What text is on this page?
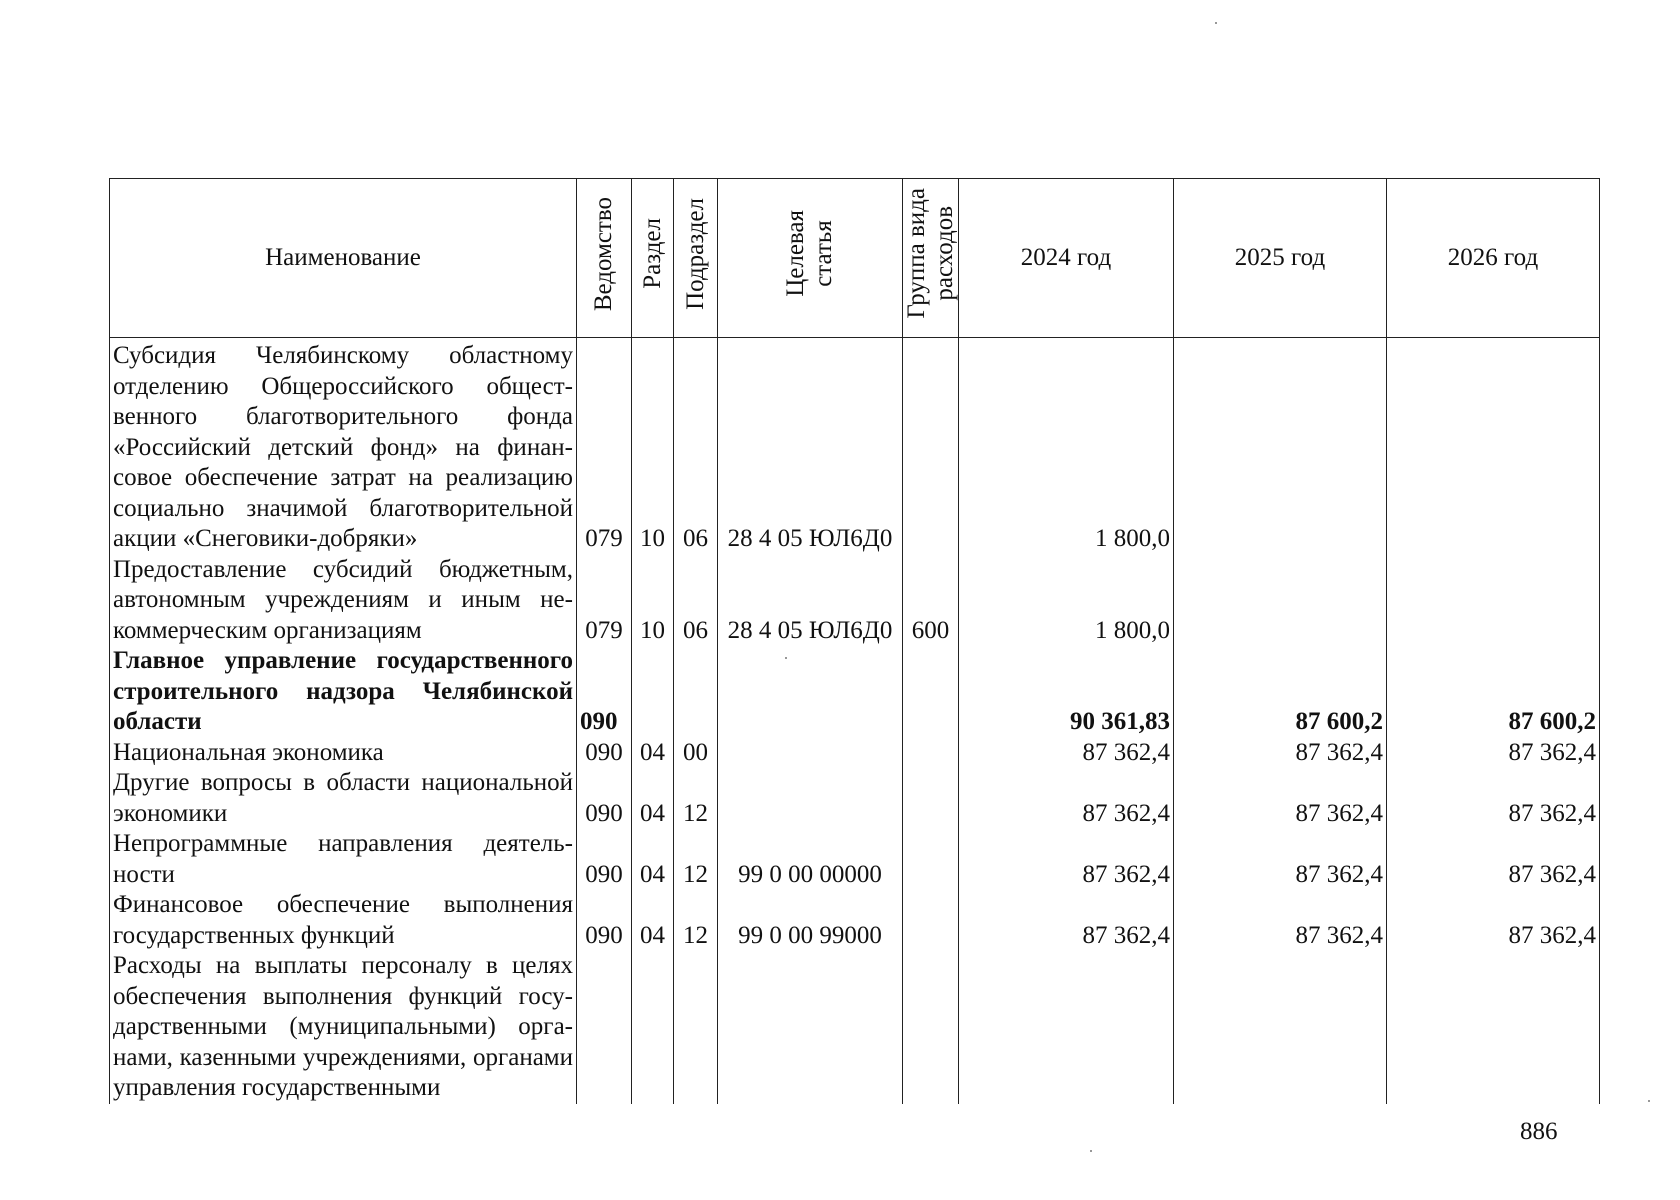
Наименование	Ведомство	Раздел	Подраздел	Целевая
статья	Группа вида
расходов	2024 год	2025 год	2026 год
Субсидия Челябинскому областному отделению Общероссийского общественного благотворительного фонда «Российский детский фонд» на финансовое обеспечение затрат на реализацию социально значимой благотворительной акции «Снеговики-добряки»	079	10	06	28 4 05 ЮЛ6Д0		1 800,0		
Предоставление субсидий бюджетным, автономным учреждениям и иным некоммерческим организациям	079	10	06	28 4 05 ЮЛ6Д0	600	1 800,0		
Главное управление государственного строительного надзора Челябинской области	090					90 361,83	87 600,2	87 600,2
Национальная экономика	090	04	00			87 362,4	87 362,4	87 362,4
Другие вопросы в области национальной экономики	090	04	12			87 362,4	87 362,4	87 362,4
Непрограммные направления деятельности	090	04	12	99 0 00 00000		87 362,4	87 362,4	87 362,4
Финансовое обеспечение выполнения государственных функций	090	04	12	99 0 00 99000		87 362,4	87 362,4	87 362,4
Расходы на выплаты персоналу в целях обеспечения выполнения функций государственными (муниципальными) органами, казенными учреждениями, органами управления государственными								
886
